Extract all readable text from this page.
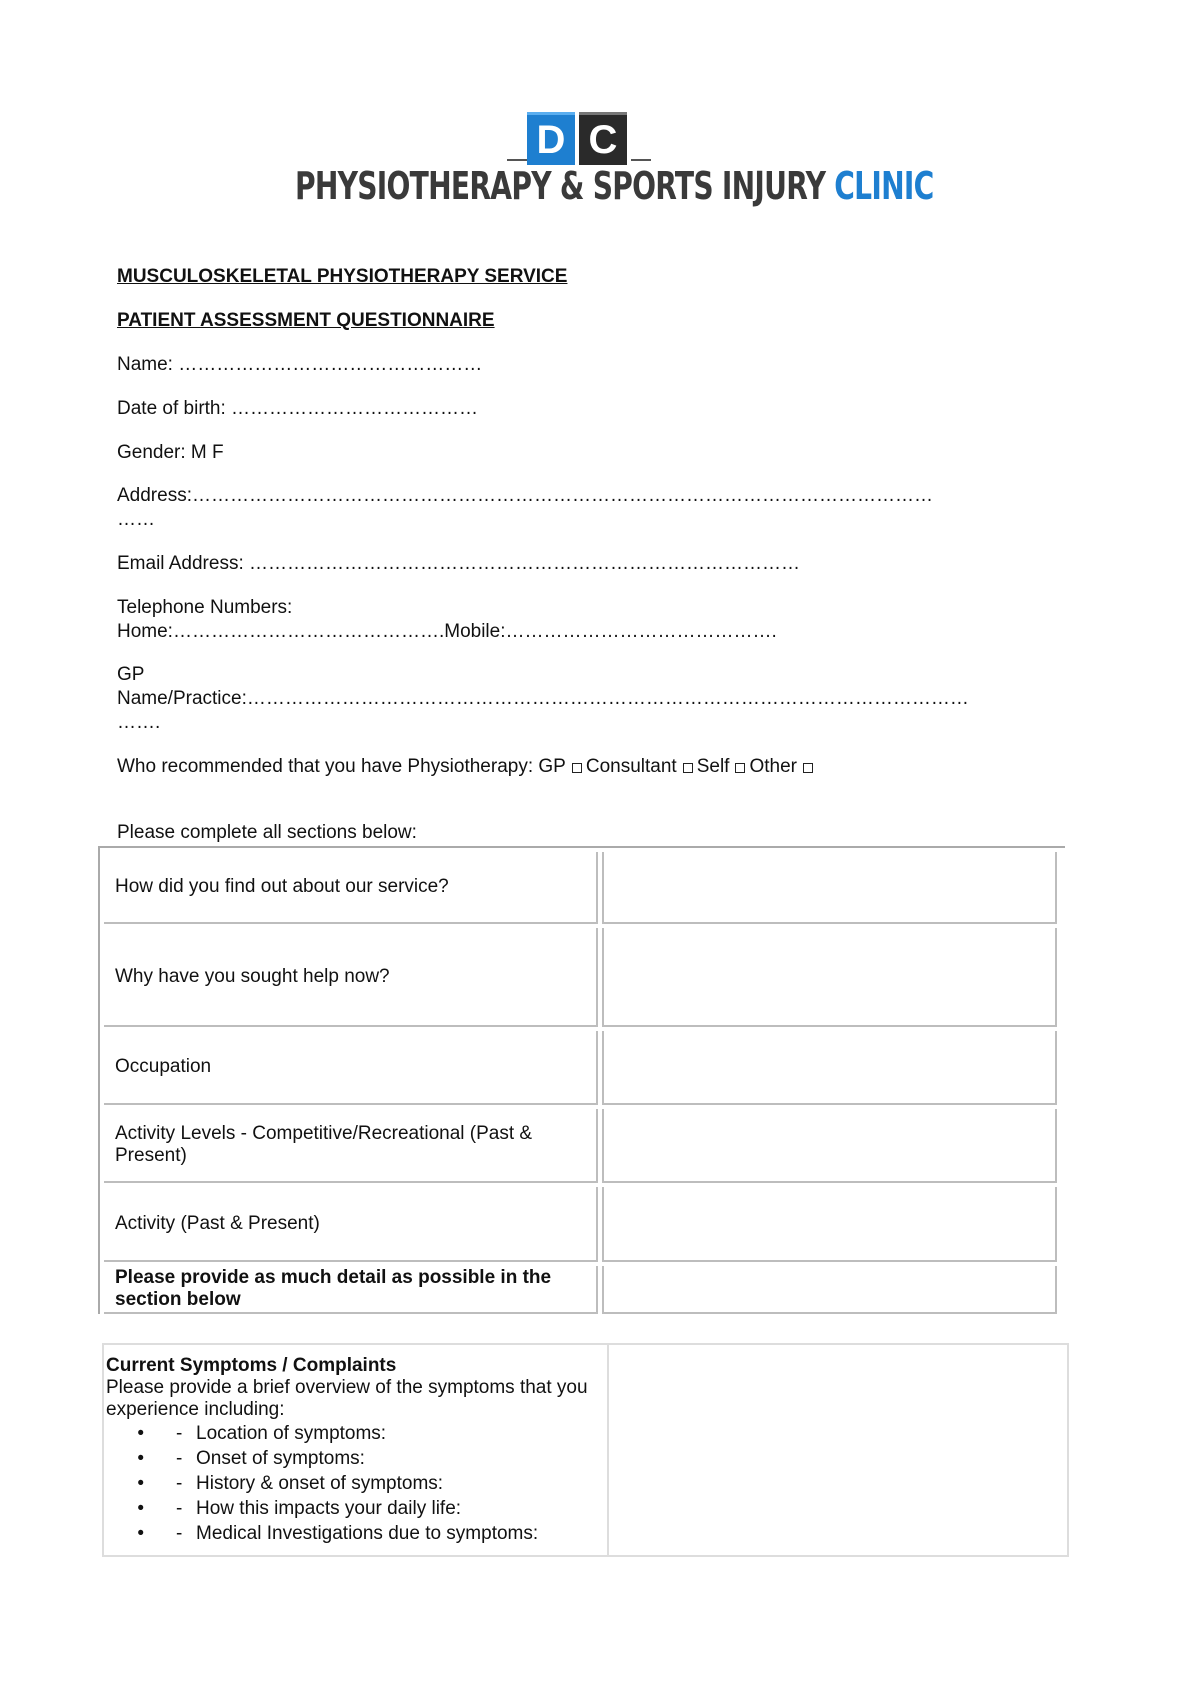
D C
PHYSIOTHERAPY & SPORTS INJURY CLINIC
MUSCULOSKELETAL PHYSIOTHERAPY SERVICE
PATIENT ASSESSMENT QUESTIONNAIRE
Name: …………………………………………
Date of birth: …………………………………
Gender: M F
Address:………………………………………………………………………………………………………
……
Email Address: ……………………………………………………………………………
Telephone Numbers:
Home:…………………………………….Mobile:…………………………………….
GP
Name/Practice:……………………………………………………………………………………………………
…….
Who recommended that you have Physiotherapy: GP Consultant Self Other
Please complete all sections below:
How did you find out about our service?
Why have you sought help now?
Occupation
Activity Levels - Competitive/Recreational (Past & Present)
Activity (Past & Present)
Please provide as much detail as possible in the section below
Current Symptoms / Complaints
Please provide a brief overview of the symptoms that you experience including:
•	- Location of symptoms:
•	- Onset of symptoms:
•	- History & onset of symptoms:
•	- How this impacts your daily life:
•	- Medical Investigations due to symptoms:
